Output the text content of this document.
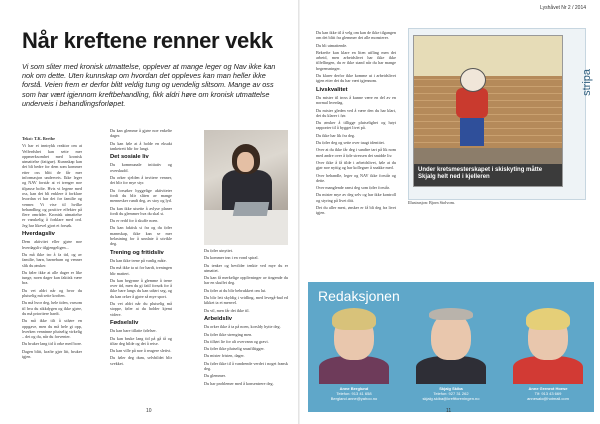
Når kreftene renner vekk
Vi som sliter med kronisk utmattelse, opplever at mange leger og Nav ikke kan nok om dette. Uten kunnskap om hvordan det oppleves kan man heller ikke forstå. Veien frem er derfor blitt veldig tung og uendelig slitsom. Mange av oss som har vært igjennom kreftbehandling, fikk aldri høre om kronisk utmattelse underveis i behandlingsforløpet.

Tekst: T.K. Berthe

Vi har et inntrykk reaktor om at Velferdshet kan sette mer oppmerksomhet med kronisk utmattelse (fatigue). Kunnskap kan det bli bedre for dem som kommer etter oss blitt de får mer informasjon underveis. Ikke leger og NAV forstår at vi trenger noe tilpasse bolte. Hvis vi legene med oss, kan det bli enklere å forklare hvordan vi har det for familie og venner. Vi vise til hvilke behandling og positive effekter på flere områder. Kronisk utmattelse er vanskelig å forklare med ord. Jeg har likevel gjort et forsøk.

Hverdagsliv

Dem aktivitet eller gjøre noe hverdagsliv tilgjengeligen...

Du må ikke tro å fa tid, og av familie, barn, barnebarn og venner slik du ønsker.

Du føler ikke at alle dager er like tunge, noen dager kan faktisk være bra.

Du vet aldri når og hvor du plutselig må sette kroften.

Du må hvor deg, hele tiden, varsom til hva du sikkdygen og ikke gjøre, du må prioritere hardt.

Du må ikke tilt å utføre en oppgave, men du må hele gi opp, hverken venninne plutselig virkelig – det og du, når du forventer.

Du bruker lang tid å orke med bore.

Dagen blitt, krafte gjør litt, bruker igjen.

Du kan glemme å gjøre noe enkelte dager.

Du kan føle at å holde en eksakt tanketrett blir for langt.

Det sosiale liv

Du kommunale initiativ og overskudd.

Du orker sjelden å invitere venner, det blir for mye styr.

Du forsøker hyggelige aktiviteter fordi du blir sliten av mange mennesker rundt deg, av stoy og lyd.

Du kan ikke utsette å avlyse planer fordi du glemmer hva du skal si.

Du er redd for å skuffe noen.

Du kan faktisk si fra og du føler mannskap, ikke kan se mer belastning for å unnlate å utvikle deg.

Trening og fritidsliv

Du kan ikke trene på vanlig måte.

Du må ikke ta ut for hardt, treningen blir mattert.

Du kan begynne å glemme å trene over tid, men du gi fatil forsøk for å ikke bare langs du kan utført seg, og du kan orker å gjøre så mye sport.

Du vet aldri når du plutselig må stoppe, føler at du holder kjemi videre.

Fødselsliv

Du kan bare tillatte følelser.

Du kan bruke lang tid på gå tå og tiltar deg bilde og det å reise.

Du kan ville på noe å reagere sletivt.

Du føler deg dum, selvbildet blir svekket.

Du føler utnyttet.

Du kommer inn i en vond spiral.

Du tenker og bevilder tenkte ved mye du er utmattet.

Du kan få merkelige opplivninger av tingende du har en skuffet deg.

Du føler at du blir bebrukkert om lut.

Du blir lett skyldig i vridling, med levegå-bad ed kikket ta et menvel.

Du vil, men får det ikke til.

Arbeidsliv

Du orker ikke å ta på noen, korsldy hytte deg.

Du føler ikke strenging men.

Du tilført lie for alt overvann og gravi.

Du føler ikke plutselig snusfiltigger.

Du mister fristen, dager.

Du føler ikke til å vandrende verdet i noget fransk deg.

Du glemmer.

Du har problemer med å konsentrere deg.

10
Lyshåvet Nr 2 / 2014

Du kan ikke til å velg om kan de ikke tilgangen om det blitt fra glemmer det alle monsterer.

Du bli utmattende.

Bekrefte kan klare en liten utfling men det arbeid, men arbeidslivet har ikke ikke tilfellingen, du er ikke stand når du har mange begrensninger.

Du klarer derfor ikke komme ut i arbeidslivet igjen etter det du har vært igjennom.

Livskvalitet

Du mister til tross å kunne være en del av en normal hverdag.

Du mister gleden ved å være den du har klart, det du klarer i før.

Du ønsker å tilligge plutselighet og høyt rapporter til å bygget livet på.

Du ikke har lik fra deg.

Du føler deg og sette over taugt identitet.

Over at du ikke får deg i sandtre tart på lik nom med andre over å føle stressen det smidde liv.

Over ikke å få tilde i arbeidslivet, føle at du gjør noe nyttig og har kollegaer å snakke med.

Over behandle, leger og NAV ikke forstår og dette.

Over manglende ranst deg som føler forstår.

Du mister mye av deg selv og har ikke kontroll og styring på livet ditt.

Det du aller mest, ønsker er få bli deg fra livet igjen.

Under kretsmesterskapet i skiskyting måtte Skjalg helt ned i kjelleren
stripa
Illustrasjon: Bjorn Stolvom.
Redaksjonen
Anne Berglund
Telefon: 913 41 658
Bergland.anne@yahoo.no
Skjalg Skiba
Telefon: 927 31 262
skjalg.skiba@kreftforeningen.no
Anne Grenrot Hoese
Tlf: 913 43 669
annesalo@hotmail.com
11
